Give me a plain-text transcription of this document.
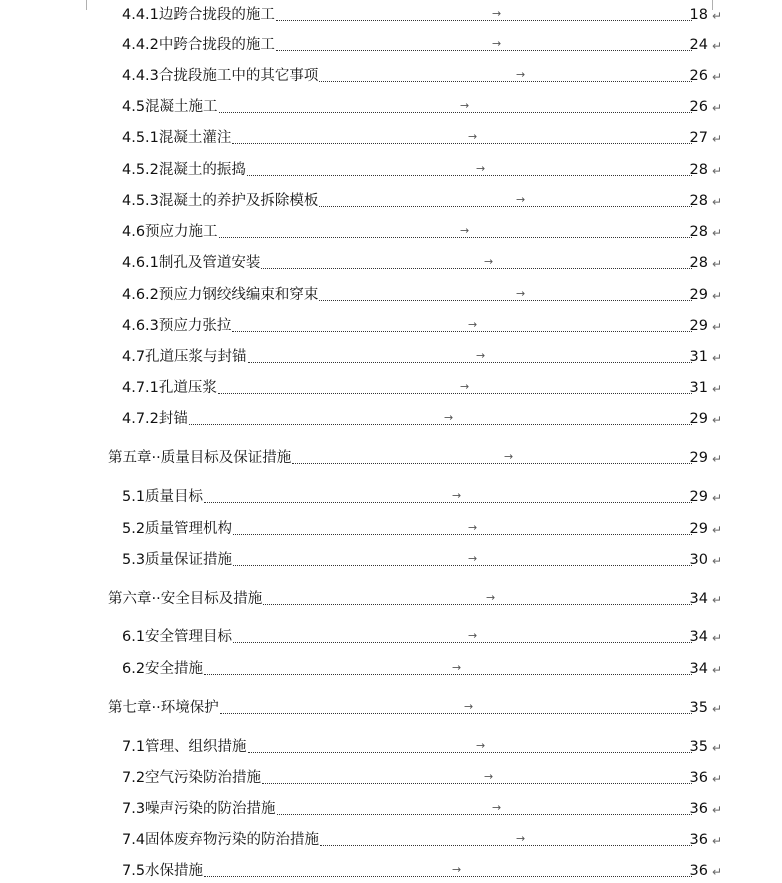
4.4.1边跨合拢段的施工	→	18 ↵
4.4.2中跨合拢段的施工	→	24 ↵
4.4.3合拢段施工中的其它事项	→	26 ↵
4.5混凝土施工	→	26 ↵
4.5.1混凝土灌注	→	27 ↵
4.5.2混凝土的振捣	→	28 ↵
4.5.3混凝土的养护及拆除模板	→	28 ↵
4.6预应力施工	→	28 ↵
4.6.1制孔及管道安装	→	28 ↵
4.6.2预应力钢绞线编束和穿束	→	29 ↵
4.6.3预应力张拉	→	29 ↵
4.7孔道压浆与封锚	→	31 ↵
4.7.1孔道压浆	→	31 ↵
4.7.2封锚	→	29 ↵
第五章··质量目标及保证措施	→	29 ↵
5.1质量目标	→	29 ↵
5.2质量管理机构	→	29 ↵
5.3质量保证措施	→	30 ↵
第六章··安全目标及措施	→	34 ↵
6.1安全管理目标	→	34 ↵
6.2安全措施	→	34 ↵
第七章··环境保护	→	35 ↵
7.1管理、组织措施	→	35 ↵
7.2空气污染防治措施	→	36 ↵
7.3噪声污染的防治措施	→	36 ↵
7.4固体废弃物污染的防治措施	→	36 ↵
7.5水保措施	→	36 ↵
